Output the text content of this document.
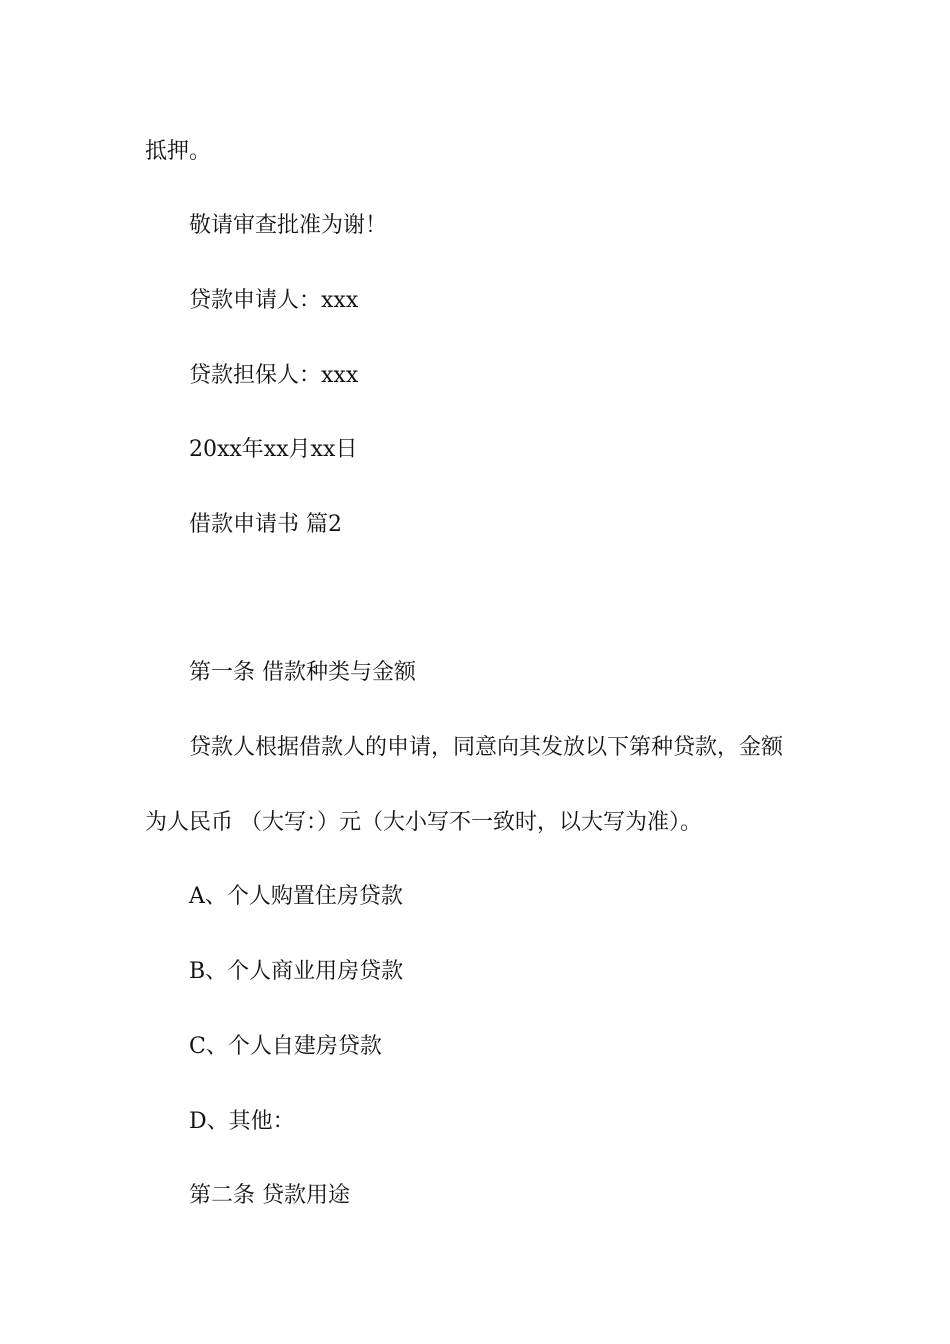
抵押。
敬请审查批准为谢！
贷款申请人：xxx
贷款担保人：xxx
20xx年xx月xx日
借款申请书 篇2
第一条 借款种类与金额
贷款人根据借款人的申请，同意向其发放以下第种贷款，金额
为人民币 （大写：）元（大小写不一致时，以大写为准）。
A、个人购置住房贷款
B、个人商业用房贷款
C、个人自建房贷款
D、其他：
第二条 贷款用途
